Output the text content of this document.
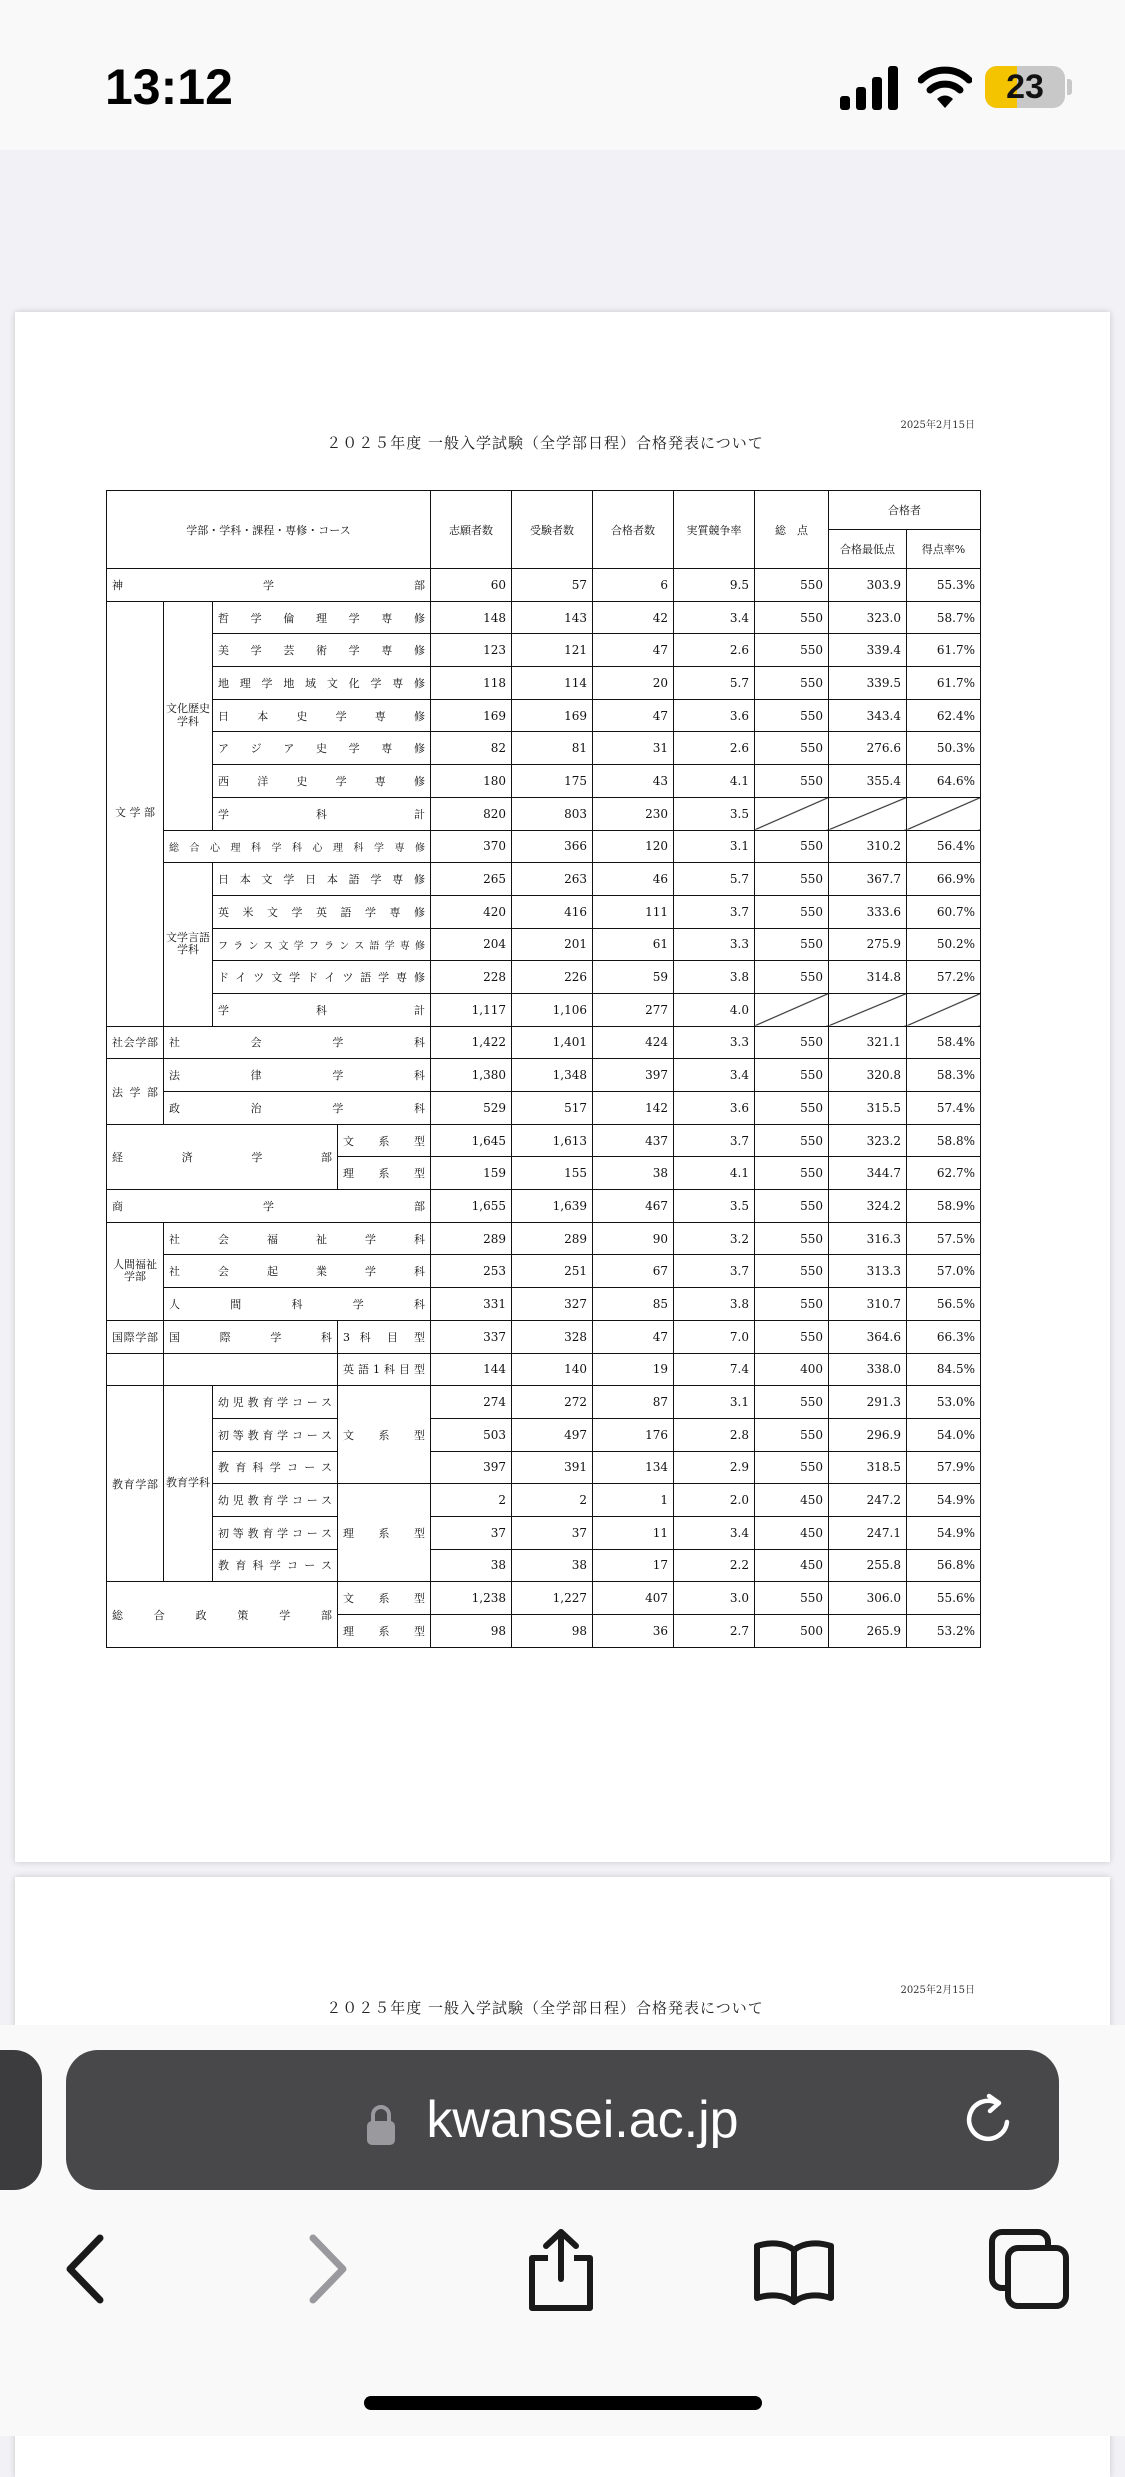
13:12	23
2025年2月15日
２０２５年度 一般入学試験（全学部日程）合格発表について
学部・学科・課程・専修・コース				志願者数	受験者数	合格者数	実質競争率	総　点	合格者	
									合格最低点	得点率%
神　　　学　　　部				60	57	6	9.5	550	303.9	55.3%
文 学 部	文化歴史学科	哲　学　倫　理　学　専　修		148	143	42	3.4	550	323.0	58.7%
		美　学　芸　術　学　専　修		123	121	47	2.6	550	339.4	61.7%
		地理学地域文化学専修		118	114	20	5.7	550	339.5	61.7%
		日　本　史　学　専　修		169	169	47	3.6	550	343.4	62.4%
		ア　ジ　ア　史　学　専　修		82	81	31	2.6	550	276.6	50.3%
		西　洋　史　学　専　修		180	175	43	4.1	550	355.4	64.6%
		学　　　科　　　計		820	803	230	3.5			
	総 合 心 理 科 学 科 心 理 科 学 専 修			370	366	120	3.1	550	310.2	56.4%
	文学言語学科	日本文学日本語学専修		265	263	46	5.7	550	367.7	66.9%
		英米文学英語学専修		420	416	111	3.7	550	333.6	60.7%
		フランス文学フランス語学専修		204	201	61	3.3	550	275.9	50.2%
		ドイツ文学ドイツ語学専修		228	226	59	3.8	550	314.8	57.2%
		学　　　科　　　計		1,117	1,106	277	4.0			
社会学部	社　　会　　学　　科			1,422	1,401	424	3.3	550	321.1	58.4%
法 学 部	法　　律　　学　　科			1,380	1,348	397	3.4	550	320.8	58.3%
	政　　治　　学　　科			529	517	142	3.6	550	315.5	57.4%
経　　済　　学　　部			文　系　型	1,645	1,613	437	3.7	550	323.2	58.8%
			理　系　型	159	155	38	4.1	550	344.7	62.7%
商　　　学　　　部				1,655	1,639	467	3.5	550	324.2	58.9%
人間福祉学部	社　会　福　祉　学　科			289	289	90	3.2	550	316.3	57.5%
	社　会　起　業　学　科			253	251	67	3.7	550	313.3	57.0%
	人　間　科　学　科			331	327	85	3.8	550	310.7	56.5%
国際学部	国　際　学　科		3 科 目 型	337	328	47	7.0	550	364.6	66.3%
			英語1科目型	144	140	19	7.4	400	338.0	84.5%
教育学部	教育学科	幼児教育学コース	文　系　型	274	272	87	3.1	550	291.3	53.0%
		初等教育学コース		503	497	176	2.8	550	296.9	54.0%
		教育科学コース		397	391	134	2.9	550	318.5	57.9%
		幼児教育学コース	理　系　型	2	2	1	2.0	450	247.2	54.9%
		初等教育学コース		37	37	11	3.4	450	247.1	54.9%
		教育科学コース		38	38	17	2.2	450	255.8	56.8%
総　合　政　策　学　部			文　系　型	1,238	1,227	407	3.0	550	306.0	55.6%
			理　系　型	98	98	36	2.7	500	265.9	53.2%
2025年2月15日
２０２５年度 一般入学試験（全学部日程）合格発表について
kwansei.ac.jp
